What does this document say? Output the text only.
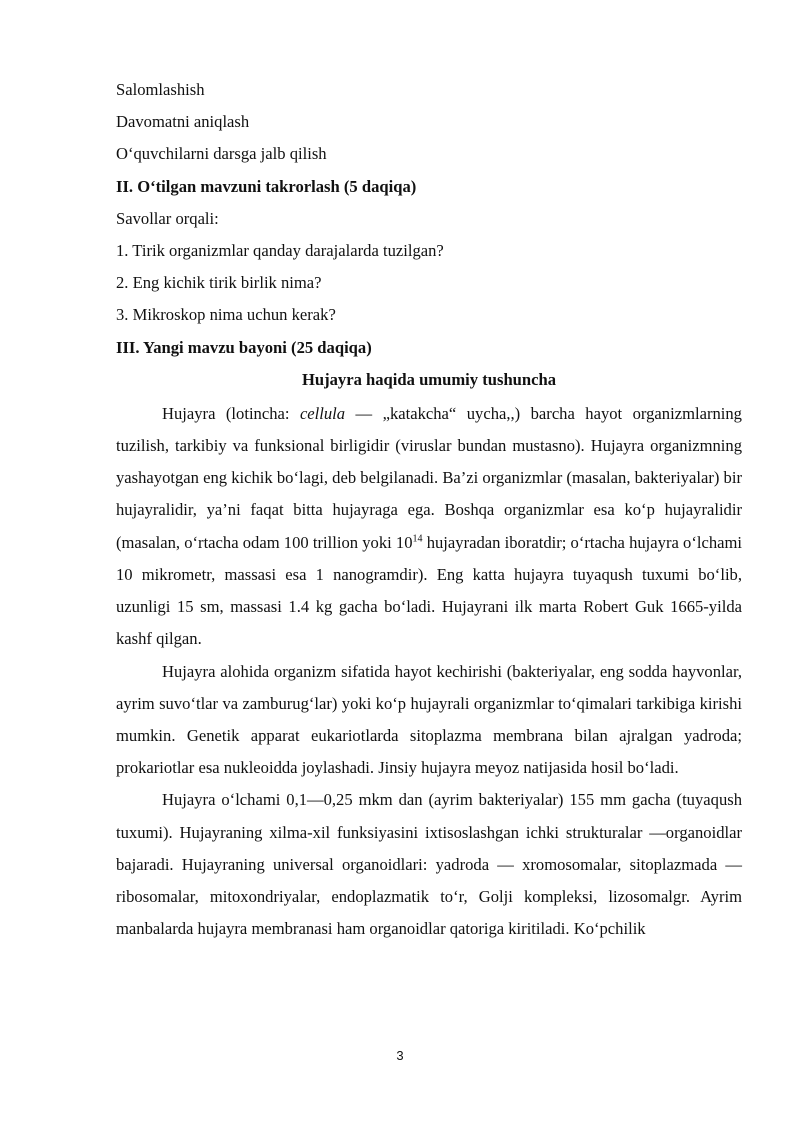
Salomlashish
Davomatni aniqlash
O‘quvchilarni darsga jalb qilish
II. O‘tilgan mavzuni takrorlash (5 daqiqa)
Savollar orqali:
1. Tirik organizmlar qanday darajalarda tuzilgan?
2. Eng kichik tirik birlik nima?
3. Mikroskop nima uchun kerak?
III. Yangi mavzu bayoni (25 daqiqa)
Hujayra haqida umumiy tushuncha

Hujayra (lotincha: cellula — „katakcha“ uycha,,) barcha hayot organizmlarning tuzilish, tarkibiy va funksional birligidir (viruslar bundan mustasno). Hujayra organizmning yashayotgan eng kichik bo‘lagi, deb belgilanadi. Ba’zi organizmlar (masalan, bakteriyalar) bir hujayralidir, ya’ni faqat bitta hujayraga ega. Boshqa organizmlar esa ko‘p hujayralidir (masalan, o‘rtacha odam 100 trillion yoki $10^{14}$ hujayradan iboratdir; o‘rtacha hujayra o‘lchami 10 mikrometr, massasi esa 1 nanogramdir). Eng katta hujayra tuyaqush tuxumi bo‘lib, uzunligi 15 sm, massasi 1.4 kg gacha bo‘ladi. Hujayrani ilk marta Robert Guk 1665-yilda kashf qilgan.

Hujayra alohida organizm sifatida hayot kechirishi (bakteriyalar, eng sodda hayvonlar, ayrim suvo‘tlar va zamburug‘lar) yoki ko‘p hujayrali organizmlar to‘qimalari tarkibiga kirishi mumkin. Genetik apparat eukariotlarda sitoplazma membrana bilan ajralgan yadroda; prokariotlar esa nukleoidda joylashadi. Jinsiy hujayra meyoz natijasida hosil bo‘ladi.

Hujayra o‘lchami 0,1—0,25 mkm dan (ayrim bakteriyalar) 155 mm gacha (tuyaqush tuxumi). Hujayraning xilma-xil funksiyasini ixtisoslashgan ichki strukturalar —organoidlar bajaradi. Hujayraning universal organoidlari: yadroda — xromosomalar, sitoplazmada — ribosomalar, mitoxondriyalar, endoplazmatik to‘r, Golji kompleksi, lizosomalgr. Ayrim manbalarda hujayra membranasi ham organoidlar qatoriga kiritiladi. Ko‘pchilik

3
